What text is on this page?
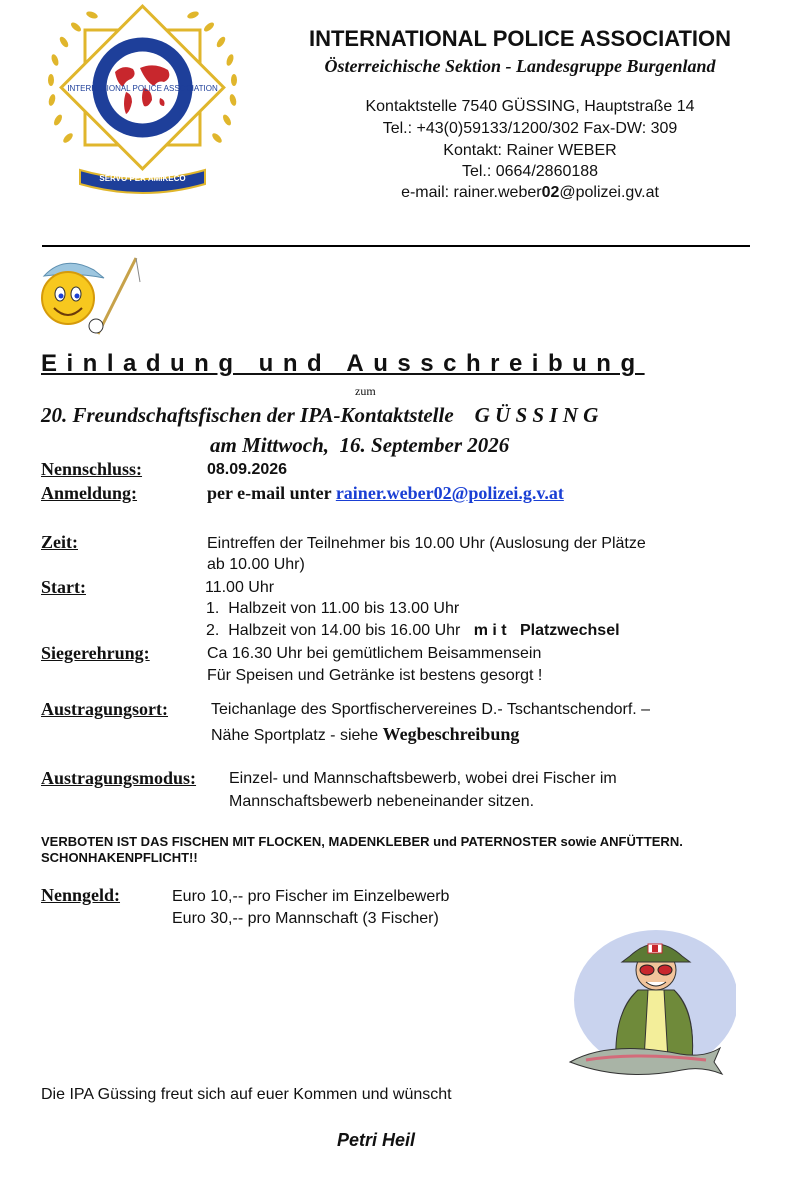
INTERNATIONAL POLICE ASSOCIATION
SERVO PER AMIKECO
INTERNATIONAL POLICE ASSOCIATION
Österreichische Sektion - Landesgruppe Burgenland
Kontaktstelle 7540 GÜSSING, Hauptstraße 14
Tel.: +43(0)59133/1200/302 Fax-DW: 309
Kontakt: Rainer WEBER
Tel.: 0664/2860188
e-mail: rainer.weber02@polizei.gv.at
Einladung und Ausschreibung
zum
20. Freundschaftsfischen der IPA-Kontaktstelle    G Ü S S I N G
am Mittwoch,  16. September 2026
Nennschluss:	08.09.2026
Anmeldung:	per e-mail unter rainer.weber02@polizei.g.v.at
Zeit:	Eintreffen der Teilnehmer bis 10.00 Uhr (Auslosung der Plätze
ab 10.00 Uhr)
Start:	11.00 Uhr
1.  Halbzeit von 11.00 bis 13.00 Uhr
2.  Halbzeit von 14.00 bis 16.00 Uhr m i t   Platzwechsel
Siegerehrung:	Ca 16.30 Uhr bei gemütlichem Beisammensein
Für Speisen und Getränke ist bestens gesorgt !
Austragungsort:	Teichanlage des Sportfischervereines D.- Tschantschendorf. –
Nähe Sportplatz - siehe Wegbeschreibung
Austragungsmodus: Einzel- und Mannschaftsbewerb, wobei drei Fischer im
Mannschaftsbewerb nebeneinander sitzen.
VERBOTEN IST DAS FISCHEN MIT FLOCKEN, MADENKLEBER und PATERNOSTER sowie ANFÜTTERN. SCHONHAKENPFLICHT!!
Nenngeld:	Euro 10,-- pro Fischer im Einzelbewerb
Euro 30,-- pro Mannschaft (3 Fischer)
Die IPA Güssing freut sich auf euer Kommen und wünscht
Petri Heil
